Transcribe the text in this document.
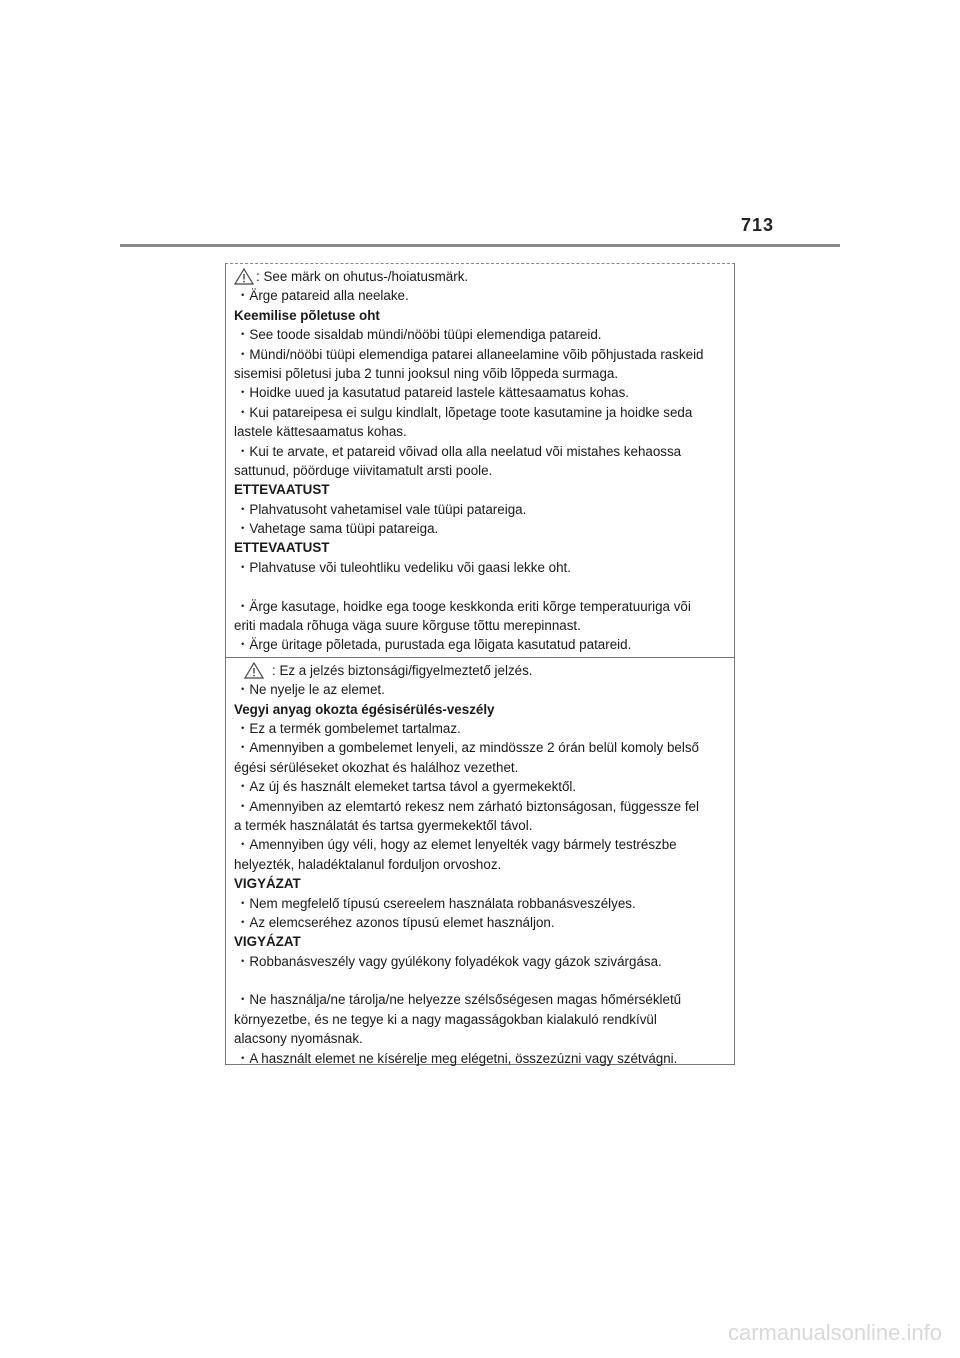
713
: See märk on ohutus-/hoiatusmärk.
・Ärge patareid alla neelake.
Keemilise põletuse oht
・See toode sisaldab mündi/nööbi tüüpi elemendiga patareid.
・Mündi/nööbi tüüpi elemendiga patarei allaneelamine võib põhjustada raskeid
sisemisi põletusi juba 2 tunni jooksul ning võib lõppeda surmaga.
・Hoidke uued ja kasutatud patareid lastele kättesaamatus kohas.
・Kui patareipesa ei sulgu kindlalt, lõpetage toote kasutamine ja hoidke seda
lastele kättesaamatus kohas.
・Kui te arvate, et patareid võivad olla alla neelatud või mistahes kehaossa
sattunud, pöörduge viivitamatult arsti poole.
ETTEVAATUST
・Plahvatusoht vahetamisel vale tüüpi patareiga.
・Vahetage sama tüüpi patareiga.
ETTEVAATUST
・Plahvatuse või tuleohtliku vedeliku või gaasi lekke oht.
・Ärge kasutage, hoidke ega tooge keskkonda eriti kõrge temperatuuriga või
eriti madala rõhuga väga suure kõrguse tõttu merepinnast.
・Ärge üritage põletada, purustada ega lõigata kasutatud patareid.
: Ez a jelzés biztonsági/figyelmeztető jelzés.
・Ne nyelje le az elemet.
Vegyi anyag okozta égésisérülés-veszély
・Ez a termék gombelemet tartalmaz.
・Amennyiben a gombelemet lenyeli, az mindössze 2 órán belül komoly belső
égési sérüléseket okozhat és halálhoz vezethet.
・Az új és használt elemeket tartsa távol a gyermekektől.
・Amennyiben az elemtartó rekesz nem zárható biztonságosan, függessze fel
a termék használatát és tartsa gyermekektől távol.
・Amennyiben úgy véli, hogy az elemet lenyelték vagy bármely testrészbe
helyezték, haladéktalanul forduljon orvoshoz.
VIGYÁZAT
・Nem megfelelő típusú csereelem használata robbanásveszélyes.
・Az elemcseréhez azonos típusú elemet használjon.
VIGYÁZAT
・Robbanásveszély vagy gyúlékony folyadékok vagy gázok szivárgása.
・Ne használja/ne tárolja/ne helyezze szélsőségesen magas hőmérsékletű
környezetbe, és ne tegye ki a nagy magasságokban kialakuló rendkívül
alacsony nyomásnak.
・A használt elemet ne kísérelje meg elégetni, összezúzni vagy szétvágni.
carmanualsonline.info
